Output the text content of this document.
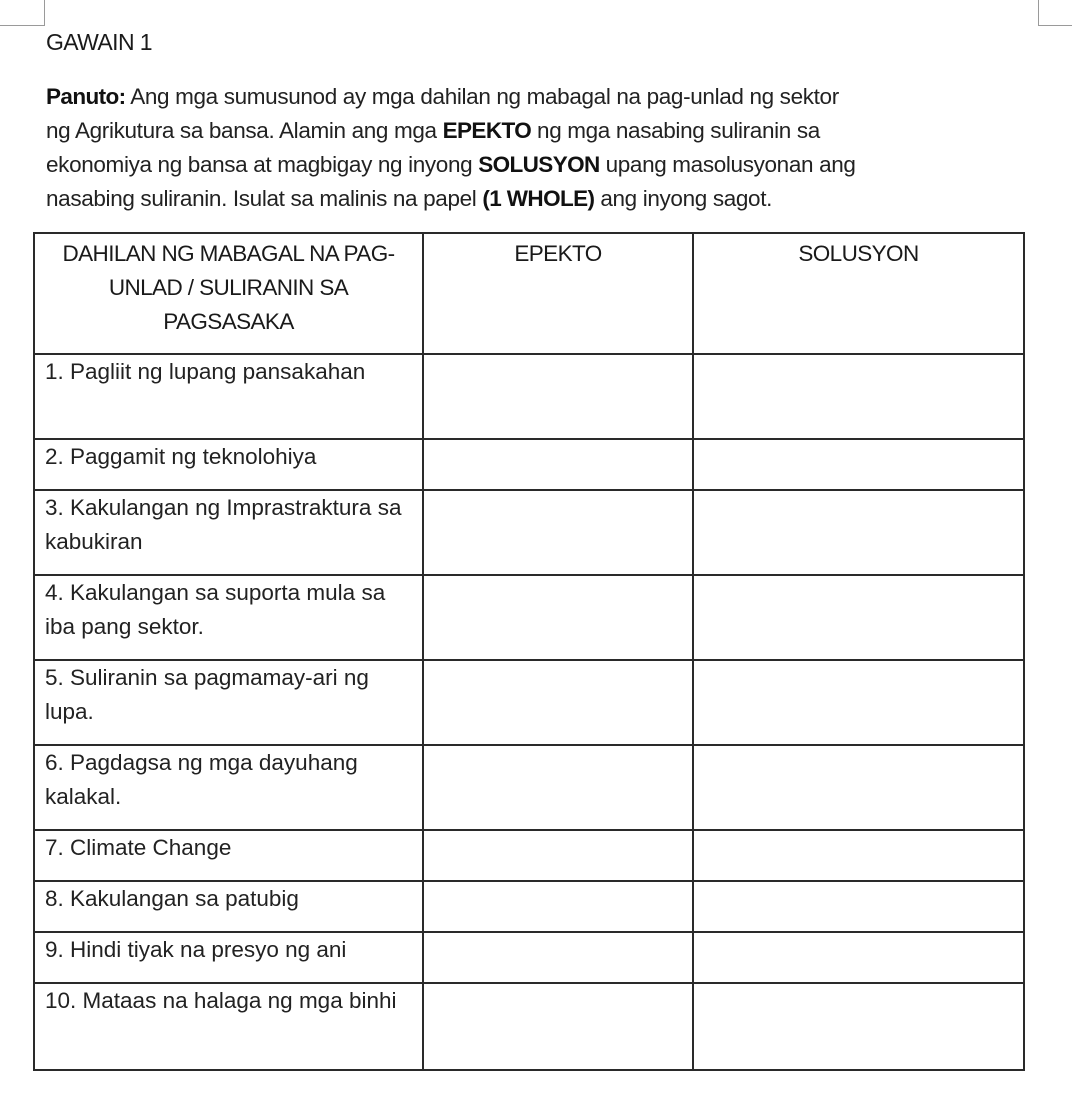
GAWAIN 1
Panuto: Ang mga sumusunod ay mga dahilan ng mabagal na pag-unlad ng sektor
ng Agrikutura sa bansa. Alamin ang mga EPEKTO ng mga nasabing suliranin sa
ekonomiya ng bansa at magbigay ng inyong SOLUSYON upang masolusyonan ang
nasabing suliranin. Isulat sa malinis na papel (1 WHOLE) ang inyong sagot.
DAHILAN NG MABAGAL NA PAG-UNLAD / SULIRANIN SA PAGSASAKA	EPEKTO	SOLUSYON
1. Pagliit ng lupang pansakahan		
2. Paggamit ng teknolohiya		
3. Kakulangan ng Imprastraktura sa kabukiran		
4. Kakulangan sa suporta mula sa iba pang sektor.		
5. Suliranin sa pagmamay-ari ng lupa.		
6. Pagdagsa ng mga dayuhang kalakal.		
7. Climate Change		
8. Kakulangan sa patubig		
9. Hindi tiyak na presyo ng ani		
10. Mataas na halaga ng mga binhi		
